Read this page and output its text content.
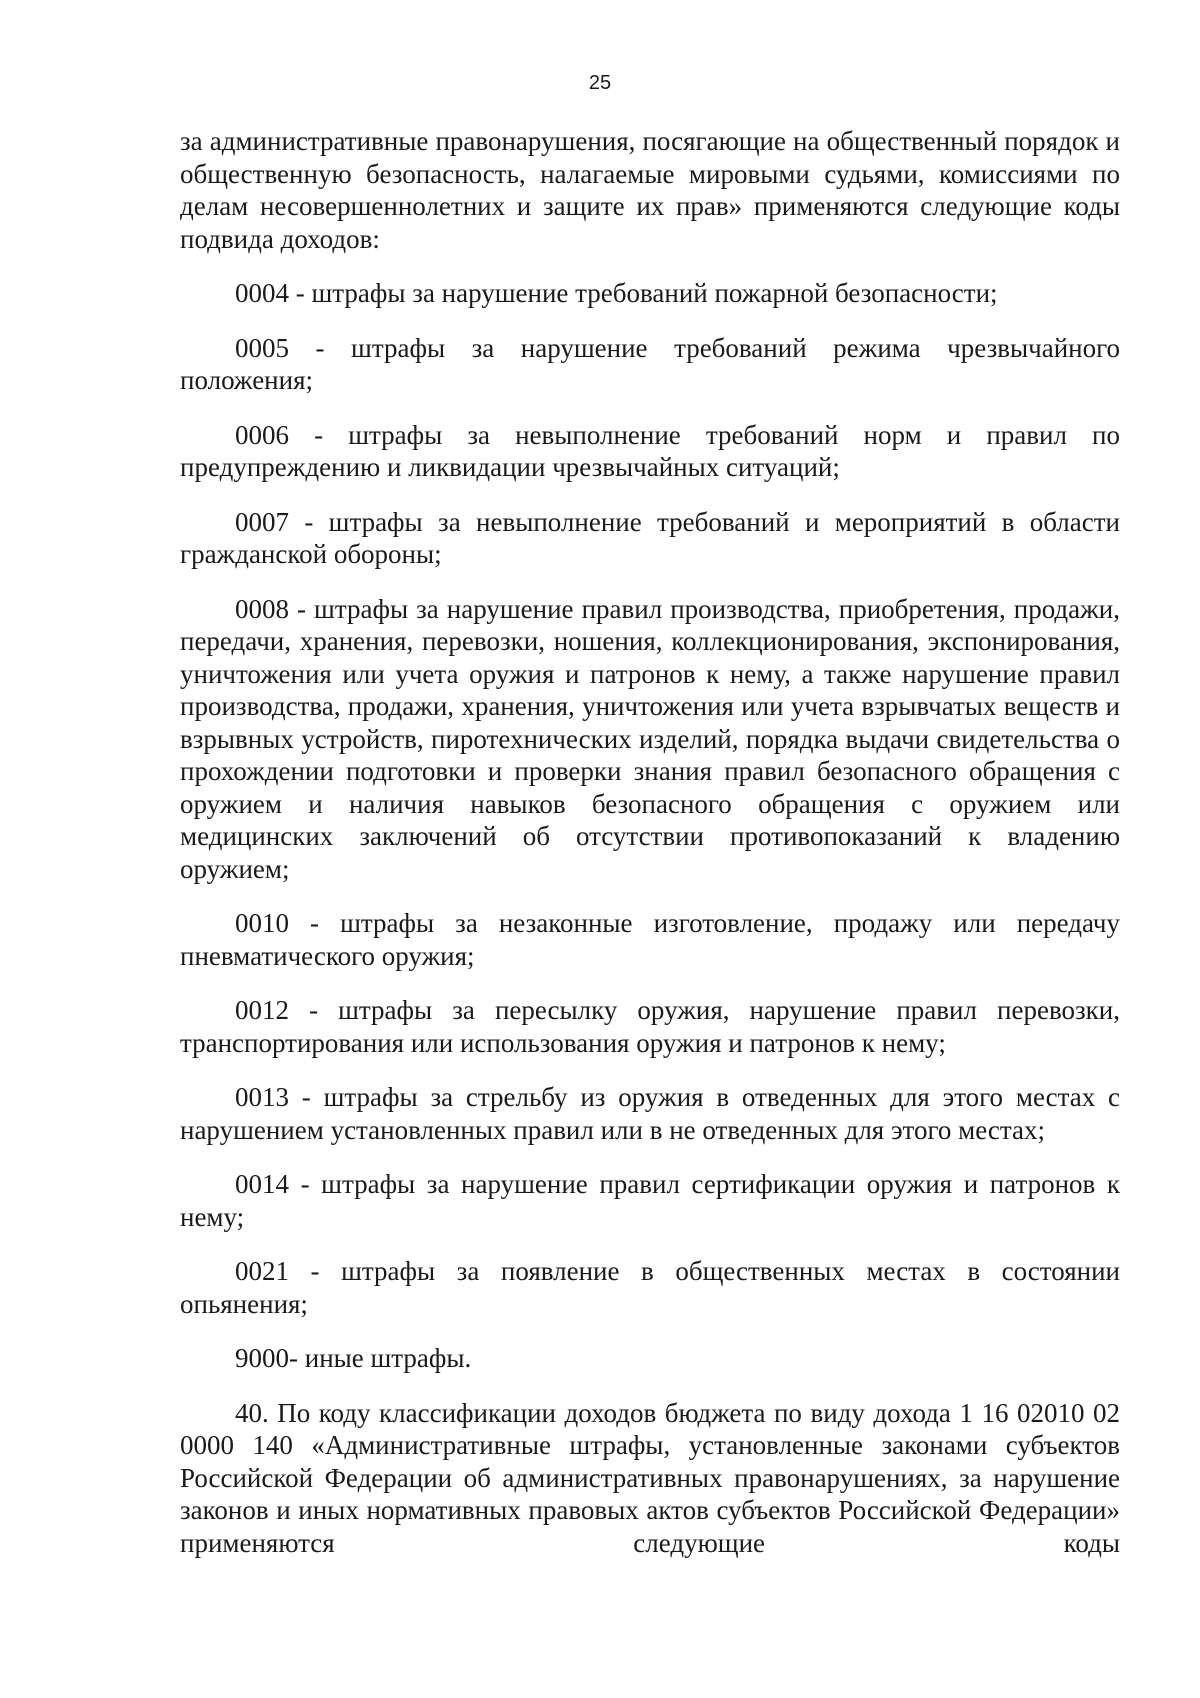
25

за административные правонарушения, посягающие на общественный порядок и общественную безопасность, налагаемые мировыми судьями, комиссиями по делам несовершеннолетних и защите их прав» применяются следующие коды подвида доходов:

0004 - штрафы за нарушение требований пожарной безопасности;

0005 - штрафы за нарушение требований режима чрезвычайного положения;

0006 - штрафы за невыполнение требований норм и правил по предупреждению и ликвидации чрезвычайных ситуаций;

0007 - штрафы за невыполнение требований и мероприятий в области гражданской обороны;

0008 - штрафы за нарушение правил производства, приобретения, продажи, передачи, хранения, перевозки, ношения, коллекционирования, экспонирования, уничтожения или учета оружия и патронов к нему, а также нарушение правил производства, продажи, хранения, уничтожения или учета взрывчатых веществ и взрывных устройств, пиротехнических изделий, порядка выдачи свидетельства о прохождении подготовки и проверки знания правил безопасного обращения с оружием и наличия навыков безопасного обращения с оружием или медицинских заключений об отсутствии противопоказаний к владению оружием;

0010 - штрафы за незаконные изготовление, продажу или передачу пневматического оружия;

0012 - штрафы за пересылку оружия, нарушение правил перевозки, транспортирования или использования оружия и патронов к нему;

0013 - штрафы за стрельбу из оружия в отведенных для этого местах с нарушением установленных правил или в не отведенных для этого местах;

0014 - штрафы за нарушение правил сертификации оружия и патронов к нему;

0021 - штрафы за появление в общественных местах в состоянии опьянения;

9000- иные штрафы.

40. По коду классификации доходов бюджета по виду дохода 1 16 02010 02 0000 140 «Административные штрафы, установленные законами субъектов Российской Федерации об административных правонарушениях, за нарушение законов и иных нормативных правовых актов субъектов Российской Федерации» применяются следующие коды
